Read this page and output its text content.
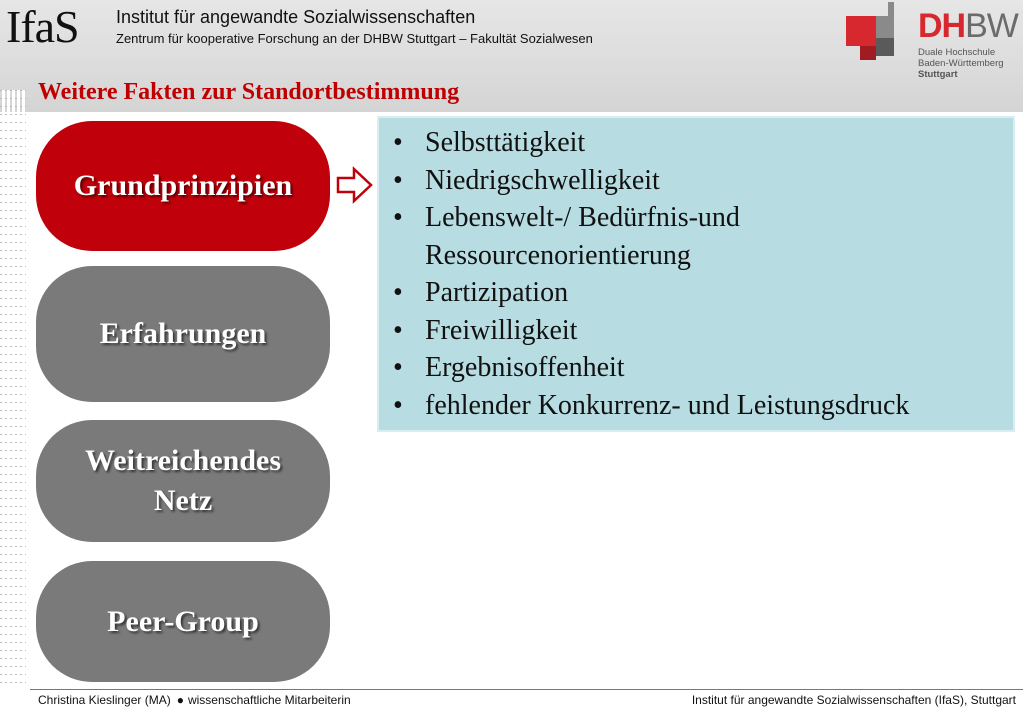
IfaS Institut für angewandte Sozialwissenschaften
Zentrum für kooperative Forschung an der DHBW Stuttgart – Fakultät Sozialwesen	DHBW
Duale Hochschule
Baden-Württemberg
Stuttgart
Weitere Fakten zur Standortbestimmung
Grundprinzipien
Erfahrungen
Weitreichendes Netz
Peer-Group
• Selbsttätigkeit
• Niedrigschwelligkeit
• Lebenswelt-/ Bedürfnis-und Ressourcenorientierung
• Partizipation
• Freiwilligkeit
• Ergebnisoffenheit
• fehlender Konkurrenz- und Leistungsdruck
Christina Kieslinger (MA) ● wissenschaftliche Mitarbeiterin	Institut für angewandte Sozialwissenschaften (IfaS), Stuttgart
